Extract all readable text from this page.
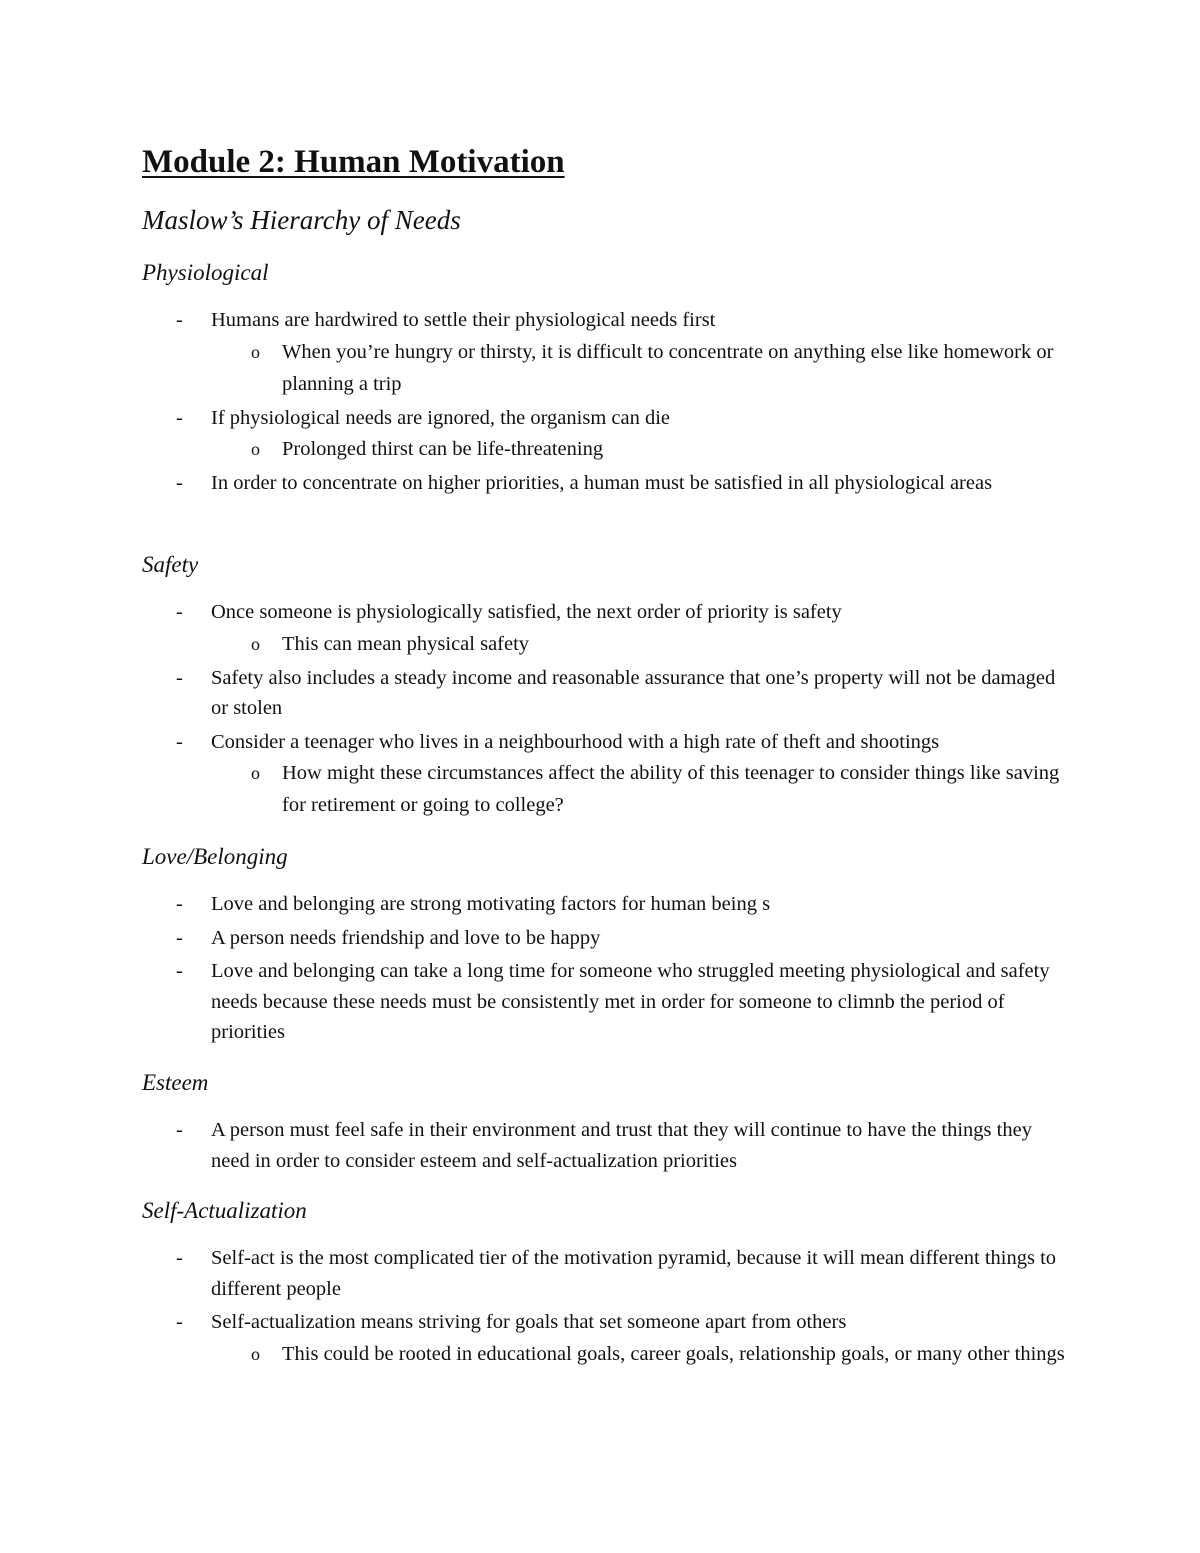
Module 2: Human Motivation
Maslow’s Hierarchy of Needs
Physiological
- Humans are hardwired to settle their physiological needs first
o When you’re hungry or thirsty, it is difficult to concentrate on anything else like homework or planning a trip
- If physiological needs are ignored, the organism can die
o Prolonged thirst can be life-threatening
- In order to concentrate on higher priorities, a human must be satisfied in all physiological areas
Safety
- Once someone is physiologically satisfied, the next order of priority is safety
o This can mean physical safety
- Safety also includes a steady income and reasonable assurance that one’s property will not be damaged or stolen
- Consider a teenager who lives in a neighbourhood with a high rate of theft and shootings
o How might these circumstances affect the ability of this teenager to consider things like saving for retirement or going to college?
Love/Belonging
- Love and belonging are strong motivating factors for human being s
- A person needs friendship and love to be happy
- Love and belonging can take a long time for someone who struggled meeting physiological and safety needs because these needs must be consistently met in order for someone to climnb the period of priorities
Esteem
- A person must feel safe in their environment and trust that they will continue to have the things they need in order to consider esteem and self-actualization priorities
Self-Actualization
- Self-act is the most complicated tier of the motivation pyramid, because it will mean different things to different people
- Self-actualization means striving for goals that set someone apart from others
o This could be rooted in educational goals, career goals, relationship goals, or many other things
